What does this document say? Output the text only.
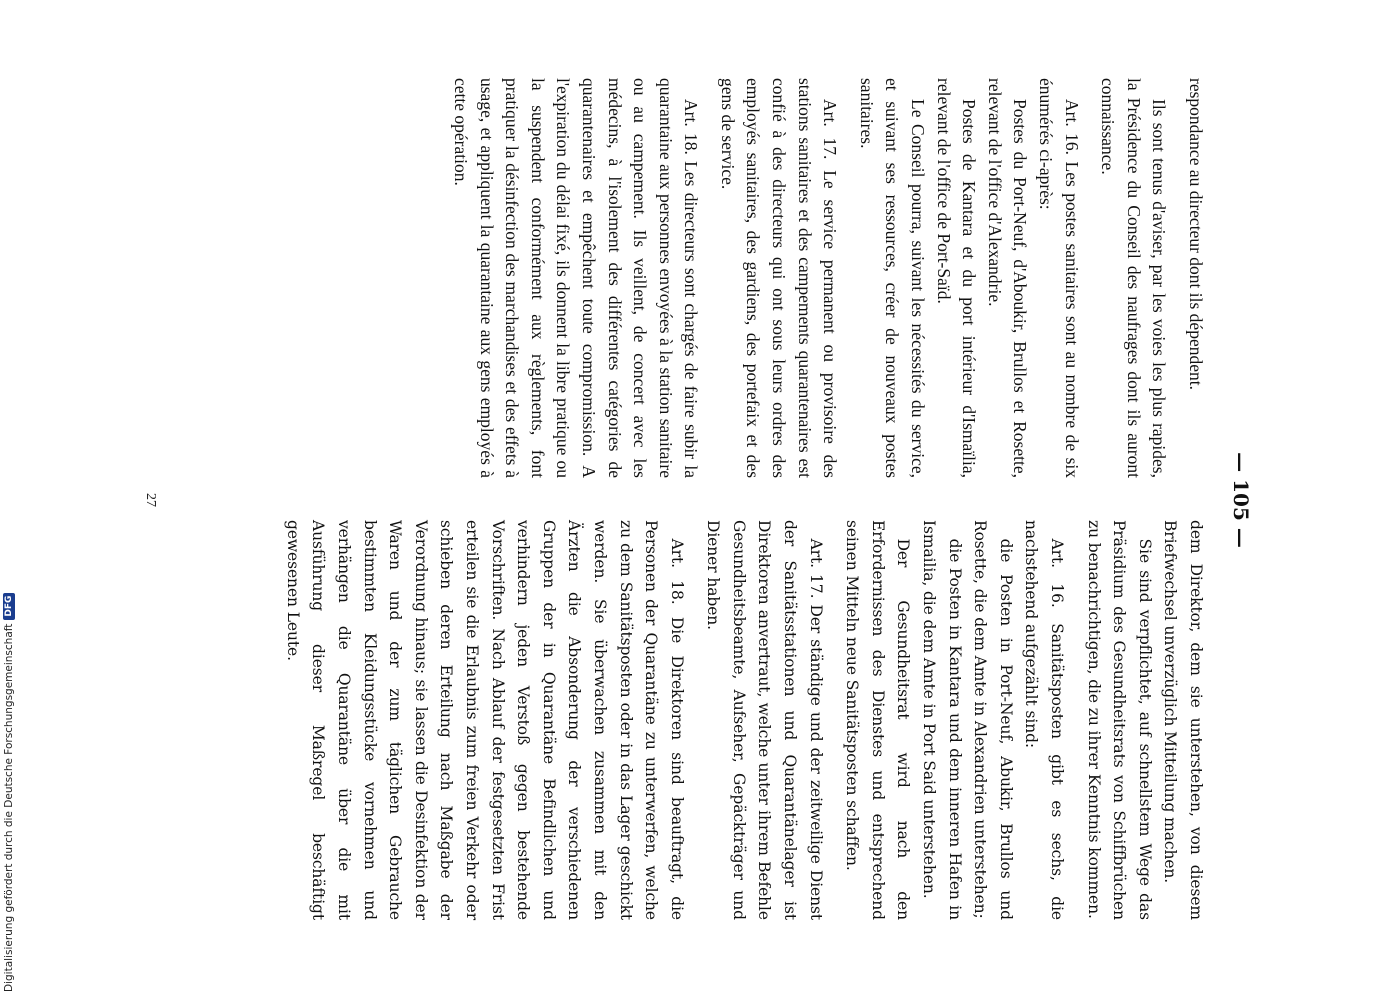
— 105 —

respondance au directeur dont ils dépendent.

Ils sont tenus d'aviser, par les voies les plus rapides, la Présidence du Conseil des naufrages dont ils auront connaissance.

Art. 16. Les postes sanitaires sont au nombre de six énumérés ci-après:

Postes du Port-Neuf, d'Aboukir, Brullos et Rosette, relevant de l'office d'Alexandrie.

Postes de Kantara et du port intérieur d'Ismaïlia, relevant de l'office de Port-Saïd.

Le Conseil pourra, suivant les nécessités du service, et suivant ses ressources, créer de nouveaux postes sanitaires.

Art. 17. Le service permanent ou provisoire des stations sanitaires et des campements quarantenaires est confié à des directeurs qui ont sous leurs ordres des employés sanitaires, des gardiens, des portefaix et des gens de service.

Art. 18. Les directeurs sont chargés de faire subir la quarantaine aux personnes envoyées à la station sanitaire ou au campement. Ils veillent, de concert avec les médecins, à l'isolement des différentes catégories de quarantenaires et empêchent toute compromission. A l'expiration du délai fixé, ils donnent la libre pratique ou la suspendent conformément aux règlements, font pratiquer la désinfection des marchandises et des effets à usage, et appliquent la quarantaine aux gens employés à cette opération.

dem Direktor, dem sie unterstehen, von diesem Briefwechsel unverzüglich Mitteilung machen.

Sie sind verpflichtet, auf schnellstem Wege das Präsidium des Gesundheitsrats von Schiffbrüchen zu benachrichtigen, die zu ihrer Kenntnis kommen.

Art. 16. Sanitätsposten gibt es sechs, die nachstehend aufgezählt sind:

die Posten in Port-Neuf, Abukir, Brullos und Rosette, die dem Amte in Alexandrien unterstehen;

die Posten in Kantara und dem inneren Hafen in Ismailia, die dem Amte in Port Said unterstehen.

Der Gesundheitsrat wird nach den Erfordernissen des Dienstes und entsprechend seinen Mitteln neue Sanitätsposten schaffen.

Art. 17. Der ständige und der zeitweilige Dienst der Sanitätsstationen und Quarantänelager ist Direktoren anvertraut, welche unter ihrem Befehle Gesundheitsbeamte, Aufseher, Gepäckträger und Diener haben.

Art. 18. Die Direktoren sind beauftragt, die Personen der Quarantäne zu unterwerfen, welche zu dem Sanitätsposten oder in das Lager geschickt werden. Sie überwachen zusammen mit den Ärzten die Absonderung der verschiedenen Gruppen der in Quarantäne Befindlichen und verhindern jeden Verstoß gegen bestehende Vorschriften. Nach Ablauf der festgesetzten Frist erteilen sie die Erlaubnis zum freien Verkehr oder schieben deren Erteilung nach Maßgabe der Verordnung hinaus; sie lassen die Desinfektion der Waren und der zum täglichen Gebrauche bestimmten Kleidungsstücke vornehmen und verhängen die Quarantäne über die mit Ausführung dieser Maßregel beschäftigt gewesenen Leute.

27
Digitalisierung gefördert durch die Deutsche Forschungsgemeinschaft
DFG
